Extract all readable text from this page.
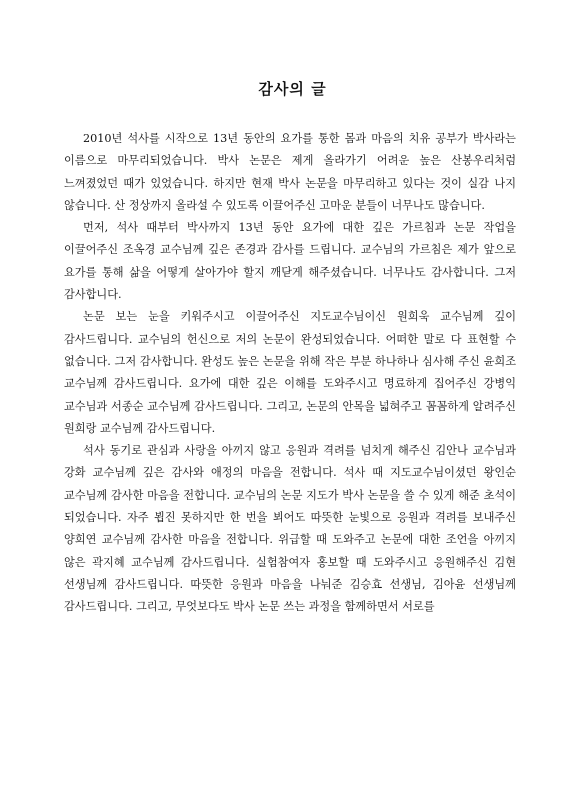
감사의 글

2010년 석사를 시작으로 13년 동안의 요가를 통한 몸과 마음의 치유 공부가 박사라는 이름으로 마무리되었습니다. 박사 논문은 제게 올라가기 어려운 높은 산봉우리처럼 느껴졌었던 때가 있었습니다. 하지만 현재 박사 논문을 마무리하고 있다는 것이 실감 나지 않습니다. 산 정상까지 올라설 수 있도록 이끌어주신 고마운 분들이 너무나도 많습니다.

먼저, 석사 때부터 박사까지 13년 동안 요가에 대한 깊은 가르침과 논문 작업을 이끌어주신 조옥경 교수님께 깊은 존경과 감사를 드립니다. 교수님의 가르침은 제가 앞으로 요가를 통해 삶을 어떻게 살아가야 할지 깨닫게 해주셨습니다. 너무나도 감사합니다. 그저 감사합니다.

논문 보는 눈을 키워주시고 이끌어주신 지도교수님이신 원희욱 교수님께 깊이 감사드립니다. 교수님의 헌신으로 저의 논문이 완성되었습니다. 어떠한 말로 다 표현할 수 없습니다. 그저 감사합니다. 완성도 높은 논문을 위해 작은 부분 하나하나 심사해 주신 윤희조 교수님께 감사드립니다. 요가에 대한 깊은 이해를 도와주시고 명료하게 집어주신 강병익 교수님과 서종순 교수님께 감사드립니다. 그리고, 논문의 안목을 넓혀주고 꼼꼼하게 알려주신 원희랑 교수님께 감사드립니다.

석사 동기로 관심과 사랑을 아끼지 않고 응원과 격려를 넘치게 해주신 김안나 교수님과 강화 교수님께 깊은 감사와 애정의 마음을 전합니다. 석사 때 지도교수님이셨던 왕인순 교수님께 감사한 마음을 전합니다. 교수님의 논문 지도가 박사 논문을 쓸 수 있게 해준 초석이 되었습니다. 자주 뵙진 못하지만 한 번을 뵈어도 따뜻한 눈빛으로 응원과 격려를 보내주신 양희연 교수님께 감사한 마음을 전합니다. 위급할 때 도와주고 논문에 대한 조언을 아끼지 않은 곽지혜 교수님께 감사드립니다. 실험참여자 홍보할 때 도와주시고 응원해주신 김현 선생님께 감사드립니다. 따뜻한 응원과 마음을 나눠준 김승효 선생님, 김아윤 선생님께 감사드립니다. 그리고, 무엇보다도 박사 논문 쓰는 과정을 함께하면서 서로를
